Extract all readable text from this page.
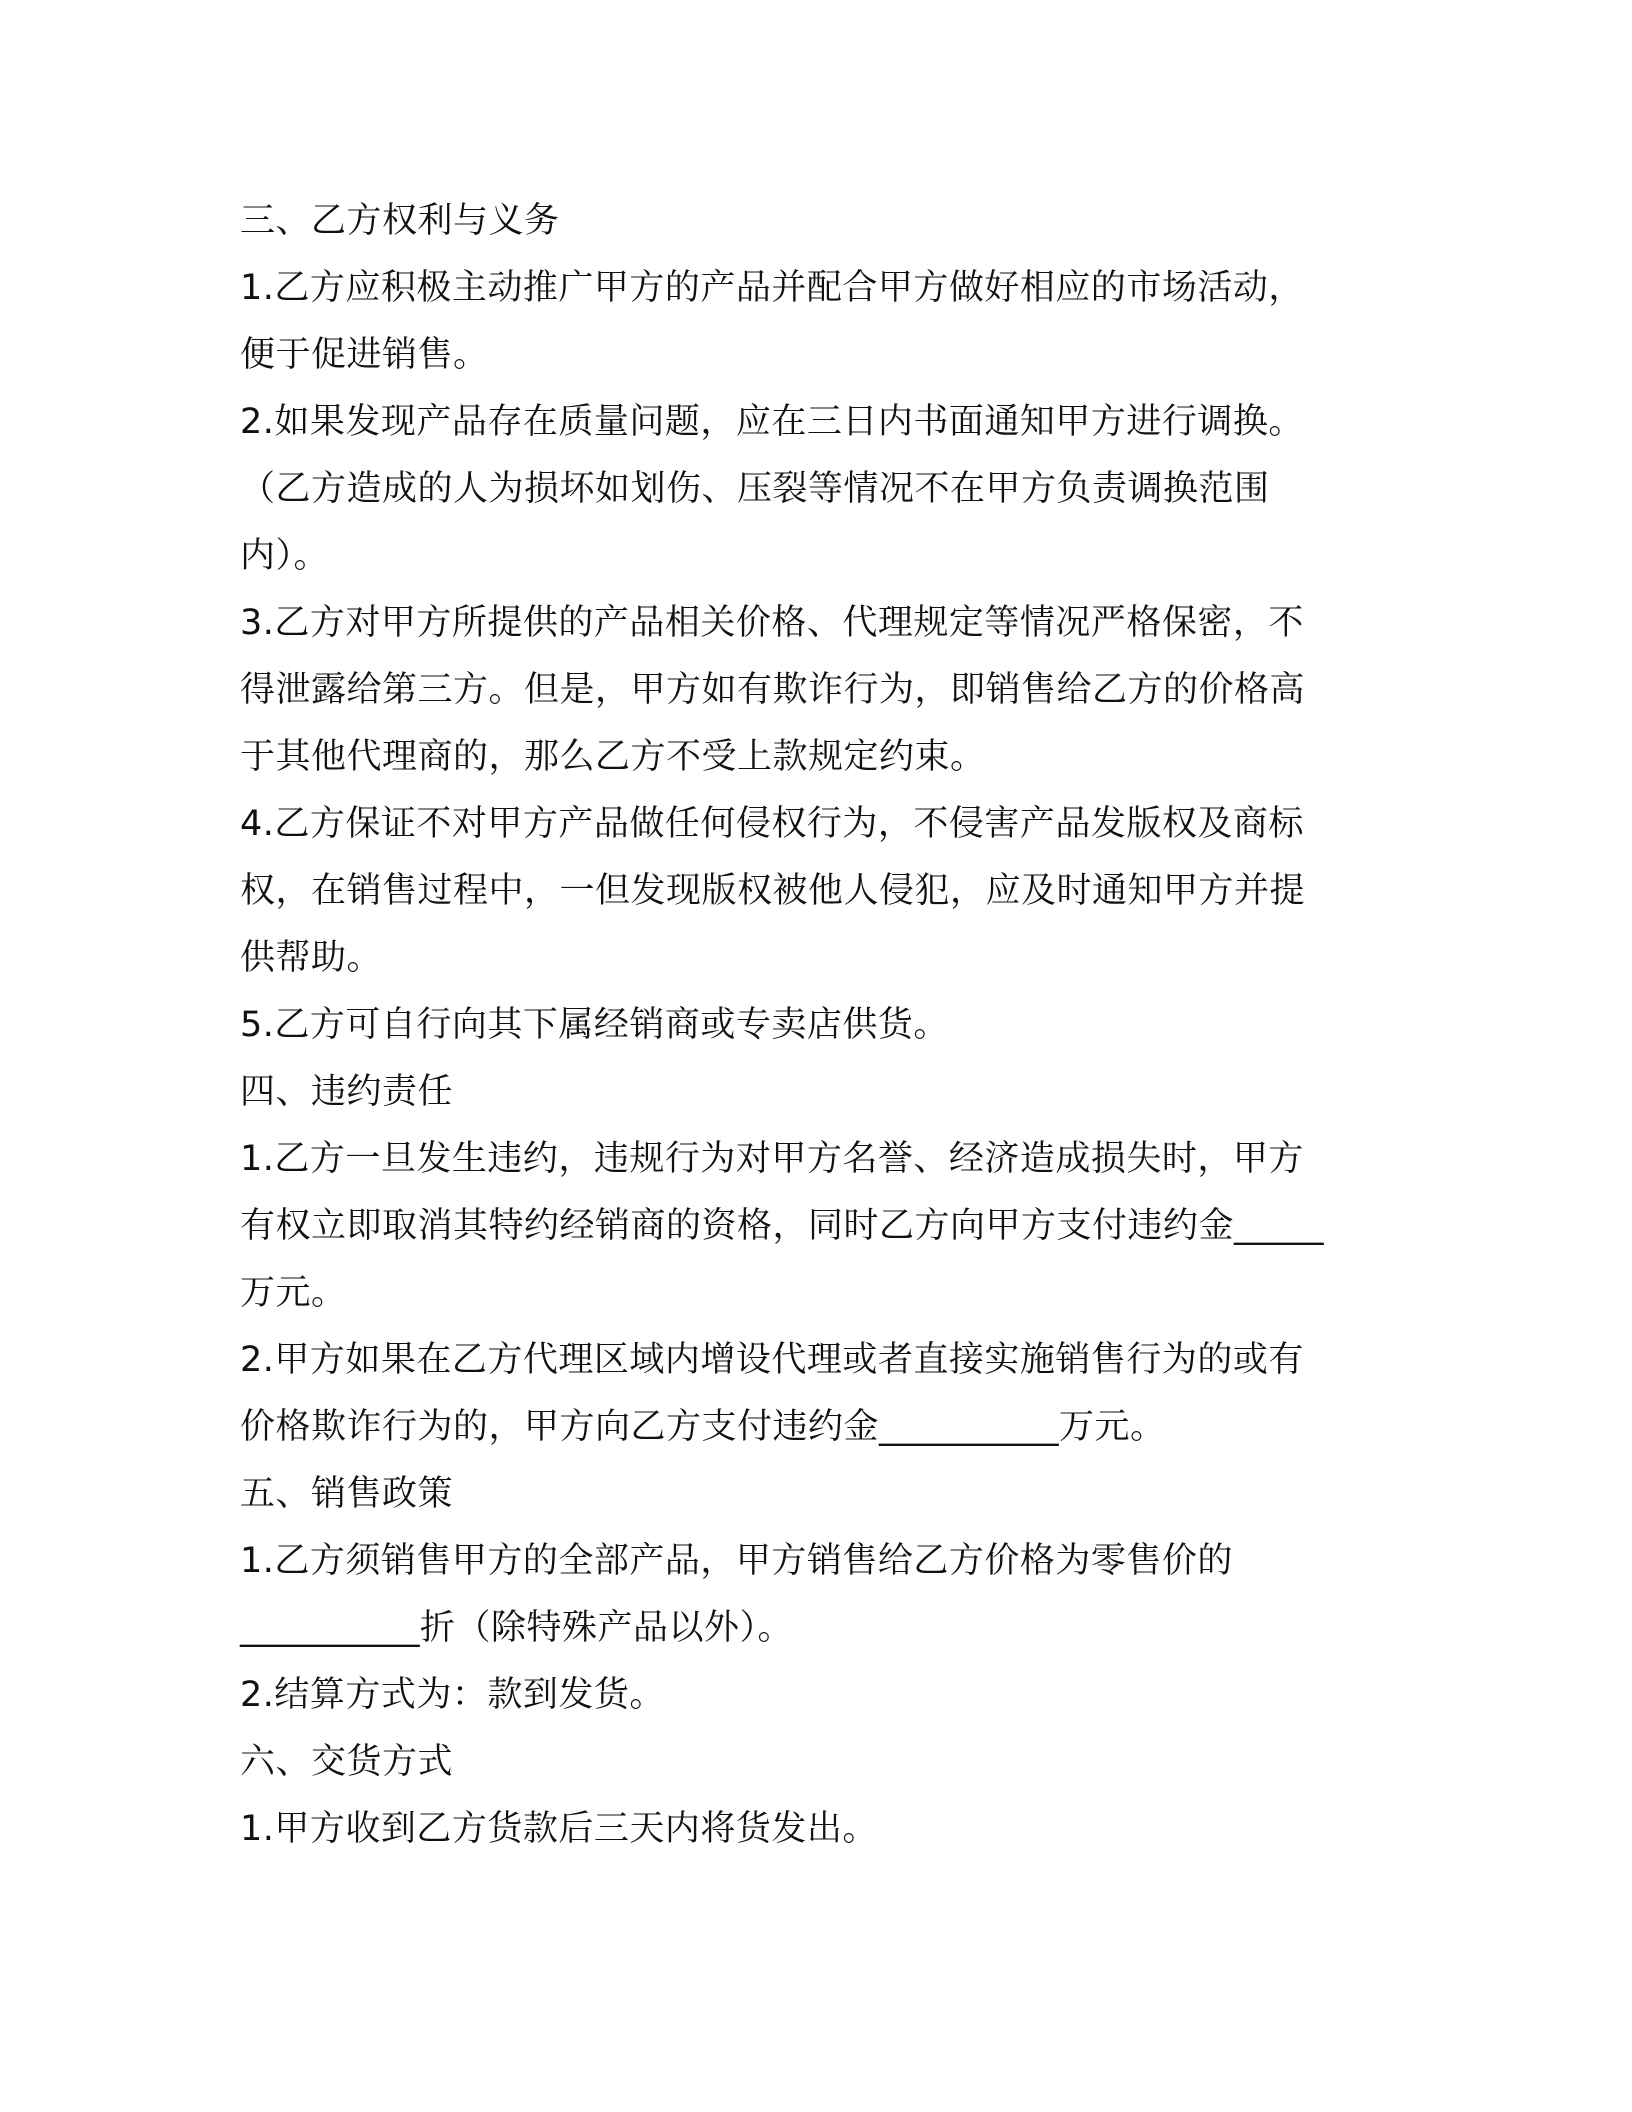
三、乙方权利与义务
1.乙方应积极主动推广甲方的产品并配合甲方做好相应的市场活动，
便于促进销售。
2.如果发现产品存在质量问题，应在三日内书面通知甲方进行调换。
（乙方造成的人为损坏如划伤、压裂等情况不在甲方负责调换范围
内）。
3.乙方对甲方所提供的产品相关价格、代理规定等情况严格保密，不
得泄露给第三方。但是，甲方如有欺诈行为，即销售给乙方的价格高
于其他代理商的，那么乙方不受上款规定约束。
4.乙方保证不对甲方产品做任何侵权行为，不侵害产品发版权及商标
权，在销售过程中，一但发现版权被他人侵犯，应及时通知甲方并提
供帮助。
5.乙方可自行向其下属经销商或专卖店供货。
四、违约责任
1.乙方一旦发生违约，违规行为对甲方名誉、经济造成损失时，甲方
有权立即取消其特约经销商的资格，同时乙方向甲方支付违约金_____
万元。
2.甲方如果在乙方代理区域内增设代理或者直接实施销售行为的或有
价格欺诈行为的，甲方向乙方支付违约金__________万元。
五、销售政策
1.乙方须销售甲方的全部产品，甲方销售给乙方价格为零售价的
__________折（除特殊产品以外）。
2.结算方式为：款到发货。
六、交货方式
1.甲方收到乙方货款后三天内将货发出。
